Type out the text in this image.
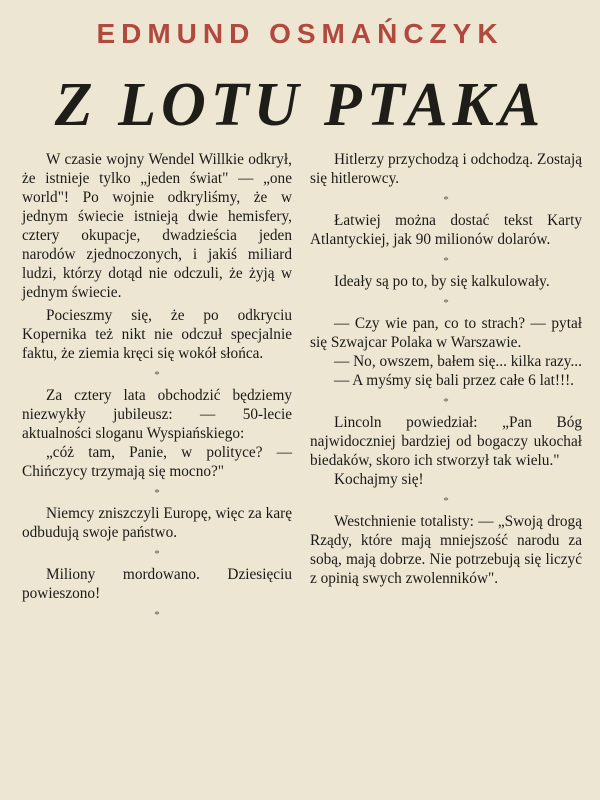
EDMUND OSMAŃCZYK
Z LOTU PTAKA

W czasie wojny Wendel Willkie odkrył, że istnieje tylko „jeden świat" — „one world"! Po wojnie odkryliśmy, że w jednym świecie istnieją dwie hemisfery, cztery okupacje, dwadzieścia jeden narodów zjednoczonych, i jakiś miliard ludzi, którzy dotąd nie odczuli, że żyją w jednym świecie.

Pocieszmy się, że po odkryciu Kopernika też nikt nie odczuł specjalnie faktu, że ziemia kręci się wokół słońca.

*

Za cztery lata obchodzić będziemy niezwykły jubileusz: — 50-lecie aktualności sloganu Wyspiańskiego:

„cóż tam, Panie, w polityce? — Chińczycy trzymają się mocno?"

*

Niemcy zniszczyli Europę, więc za karę odbudują swoje państwo.

*

Miliony mordowano. Dziesięciu powieszono!

*

Hitlerzy przychodzą i odchodzą. Zostają się hitlerowcy.

*

Łatwiej można dostać tekst Karty Atlantyckiej, jak 90 milionów dolarów.

*

Ideały są po to, by się kalkulowały.

*

— Czy wie pan, co to strach? — pytał się Szwajcar Polaka w Warszawie.

— No, owszem, bałem się... kilka razy...

— A myśmy się bali przez całe 6 lat!!!.

*

Lincoln powiedział: „Pan Bóg najwidoczniej bardziej od bogaczy ukochał biedaków, skoro ich stworzył tak wielu."

Kochajmy się!

*

Westchnienie totalisty: — „Swoją drogą Rządy, które mają mniejszość narodu za sobą, mają dobrze. Nie potrzebują się liczyć z opinią swych zwolenników".
